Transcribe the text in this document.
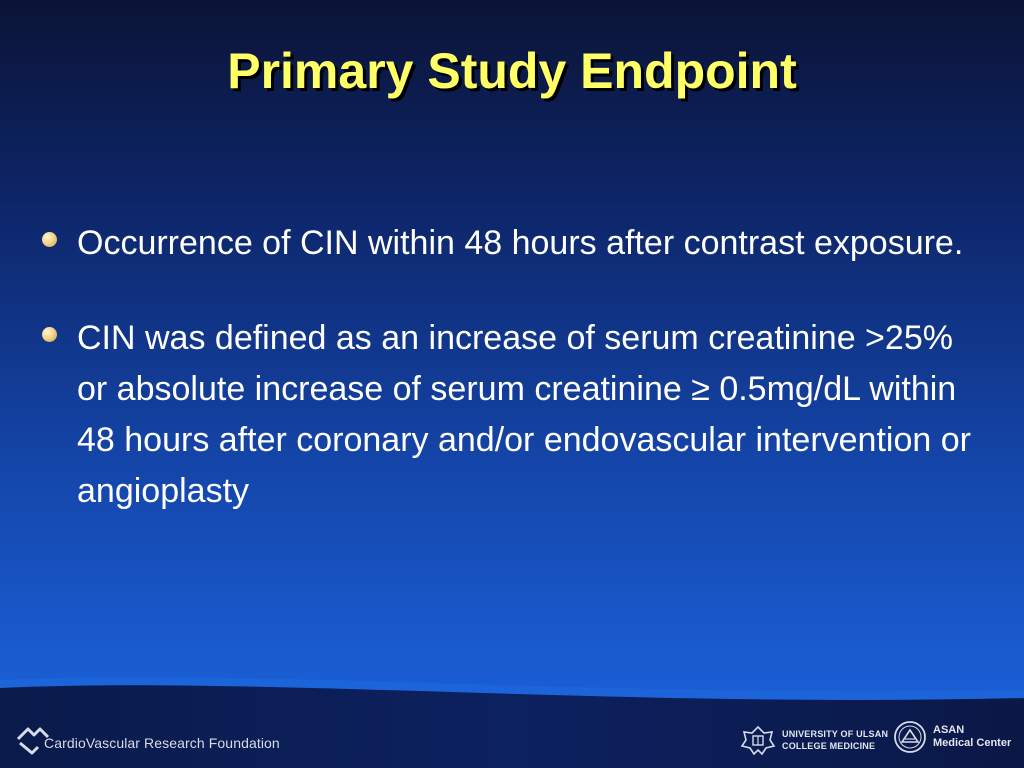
Primary Study Endpoint
Occurrence of CIN within 48 hours after contrast exposure.
CIN was defined as an increase of serum creatinine >25% or absolute increase of serum creatinine ≥ 0.5mg/dL within 48 hours after coronary and/or endovascular intervention or angioplasty
CardioVascular Research Foundation
UNIVERSITY OF ULSAN
COLLEGE MEDICINE
ASAN
Medical Center
